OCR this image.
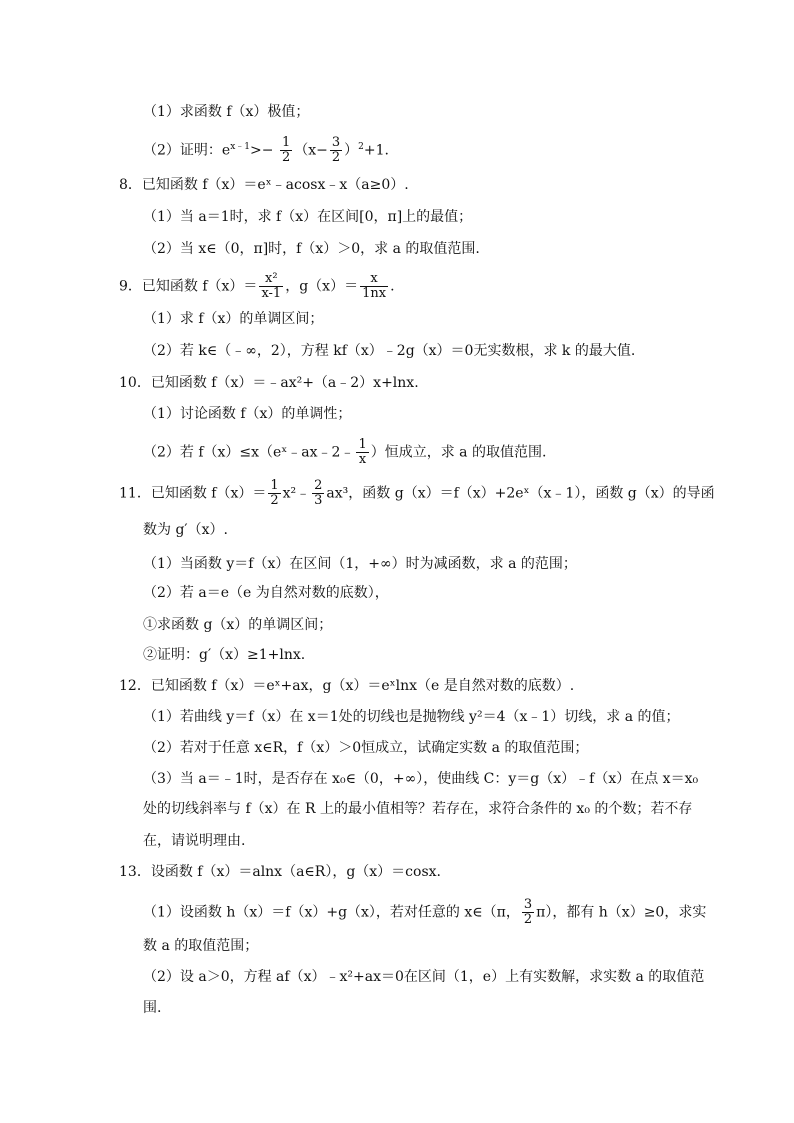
（1）求函数 f（x）极值；
（2）证明：$e^{x﹣1}>- \frac{1}{2} (x- \frac{3}{2} )^2+1$.
8．已知函数 f（x）＝eˣ﹣acosx﹣x（a≥0）.
（1）当 a＝1时，求 f（x）在区间[0，π]上的最值；
（2）当 x∈（0，π]时，f（x）＞0，求 a 的取值范围.
9．已知函数 $f(x)= \frac{\text{x²}}{x-1}$ ，$g(x)= \frac{x}{1nx}$ .
（1）求 f（x）的单调区间；
（2）若 k∈（﹣∞，2），方程 kf（x）﹣2g（x）＝0无实数根，求 k 的最大值.
10．已知函数 f（x）＝﹣ax²+（a﹣2）x+lnx.
（1）讨论函数 f（x）的单调性；
（2）若 f（x）≤x（eˣ﹣ax﹣2﹣ $\frac{1}{x}$ ）恒成立，求 a 的取值范围.
11．已知函数 $f(x)= \frac{1}{2}$ x²﹣ $\frac{2}{3} ax^3$，函数 g（x）＝f（x）+2eˣ（x﹣1），函数 g（x）的导函
数为 g′（x）.
（1）当函数 y＝f（x）在区间（1，+∞）时为减函数，求 a 的范围；
（2）若 a＝e（e 为自然对数的底数），
①求函数 g（x）的单调区间；
②证明：g′（x）≥1+lnx.
12．已知函数 f（x）＝eˣ+ax，g（x）＝eˣlnx（e 是自然对数的底数）.
（1）若曲线 y＝f（x）在 x＝1处的切线也是抛物线 y²＝4（x﹣1）切线，求 a 的值；
（2）若对于任意 x∈R，f（x）＞0恒成立，试确定实数 a 的取值范围；
（3）当 a＝﹣1时，是否存在 x₀∈（0，+∞），使曲线 C：y＝g（x）﹣f（x）在点 x＝x₀
处的切线斜率与 f（x）在 R 上的最小值相等？若存在，求符合条件的 x₀ 的个数；若不存
在，请说明理由.
13．设函数 f（x）＝alnx（a∈R），g（x）＝cosx.
（1）设函数 h（x）＝f（x）+g（x），若对任意的 x∈（π， $\frac{3}{2} \pi$），都有 h（x）≥0，求实
数 a 的取值范围；
（2）设 a＞0，方程 af（x）﹣x²+ax＝0在区间（1，e）上有实数解，求实数 a 的取值范
围.
